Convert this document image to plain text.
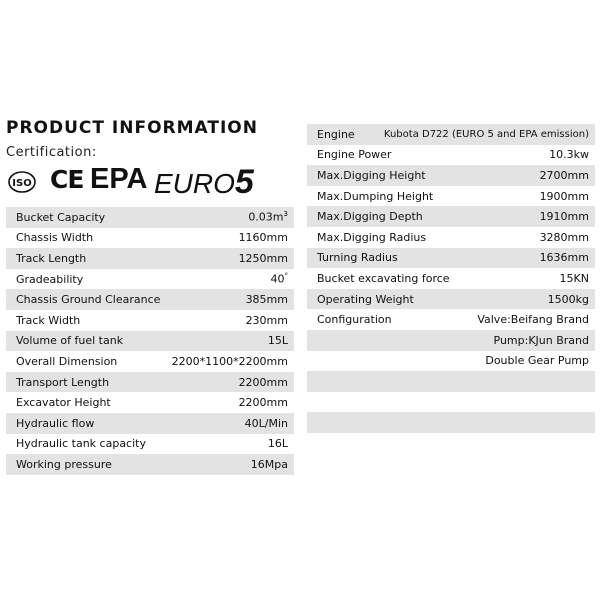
PRODUCT INFORMATION
Certification:
ISO CE EPA EURO5
Bucket Capacity	$0.03m^3$
Chassis Width	1160mm
Track Length	1250mm
Gradeability	40°
Chassis Ground Clearance	385mm
Track Width	230mm
Volume of fuel tank	15L
Overall Dimension	2200*1100*2200mm
Transport Length	2200mm
Excavator Height	2200mm
Hydraulic flow	40L/Min
Hydraulic tank capacity	16L
Working pressure	16Mpa
Engine	Kubota D722 (EURO 5 and EPA emission)
Engine Power	10.3kw
Max.Digging Height	2700mm
Max.Dumping Height	1900mm
Max.Digging Depth	1910mm
Max.Digging Radius	3280mm
Turning Radius	1636mm
Bucket excavating force	15KN
Operating Weight	1500kg
Configuration	Valve:Beifang Brand
Pump:KJun Brand
Double Gear Pump
